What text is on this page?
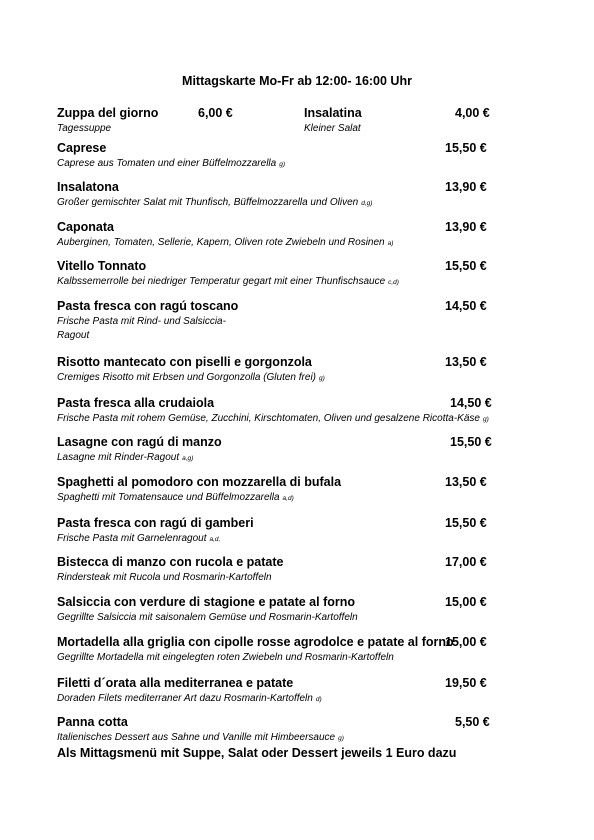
Mittagskarte Mo-Fr ab 12:00- 16:00 Uhr
Zuppa del giorno
Tagessuppe
6,00 €	Insalatina
Kleiner Salat
4,00 €
Caprese
Caprese aus Tomaten und einer Büffelmozzarella g)
15,50 €
Insalatona
Großer gemischter Salat mit Thunfisch, Büffelmozzarella und Oliven d,g)
13,90 €
Caponata
Auberginen, Tomaten, Sellerie, Kapern, Oliven rote Zwiebeln und Rosinen a)
13,90 €
Vitello Tonnato
Kalbssemerrolle bei niedriger Temperatur gegart mit einer Thunfischsauce c,d)
15,50 €
Pasta fresca con ragú toscano
Frische Pasta mit Rind- und Salsiccia-
Ragout
14,50 €
Risotto mantecato con piselli e gorgonzola
Cremiges Risotto mit Erbsen und Gorgonzolla (Gluten frei) g)
13,50 €
Pasta fresca alla crudaiola
Frische Pasta mit rohem Gemüse, Zucchini, Kirschtomaten, Oliven und gesalzene Ricotta-Käse g)
14,50 €
Lasagne con ragú di manzo
Lasagne mit Rinder-Ragout a,g)
15,50 €
Spaghetti al pomodoro con mozzarella di bufala
Spaghetti mit Tomatensauce und Büffelmozzarella a,d)
13,50 €
Pasta fresca con ragú di gamberi
Frische Pasta mit Garnelenragout a,d,
15,50 €
Bistecca di manzo con rucola e patate
Rindersteak mit Rucola und Rosmarin-Kartoffeln
17,00 €
Salsiccia con verdure di stagione e patate al forno
Gegrillte Salsiccia mit saisonalem Gemüse und Rosmarin-Kartoffeln
15,00 €
Mortadella alla griglia con cipolle rosse agrodolce e patate al forno
Gegrillte Mortadella mit eingelegten roten Zwiebeln und Rosmarin-Kartoffeln
15,00 €
Filetti d´orata alla mediterranea e patate
Doraden Filets mediterraner Art dazu Rosmarin-Kartoffeln d)
19,50 €
Panna cotta
Italienisches Dessert aus Sahne und Vanille mit Himbeersauce g)
5,50 €
Als Mittagsmenü mit Suppe, Salat oder Dessert jeweils 1 Euro dazu
